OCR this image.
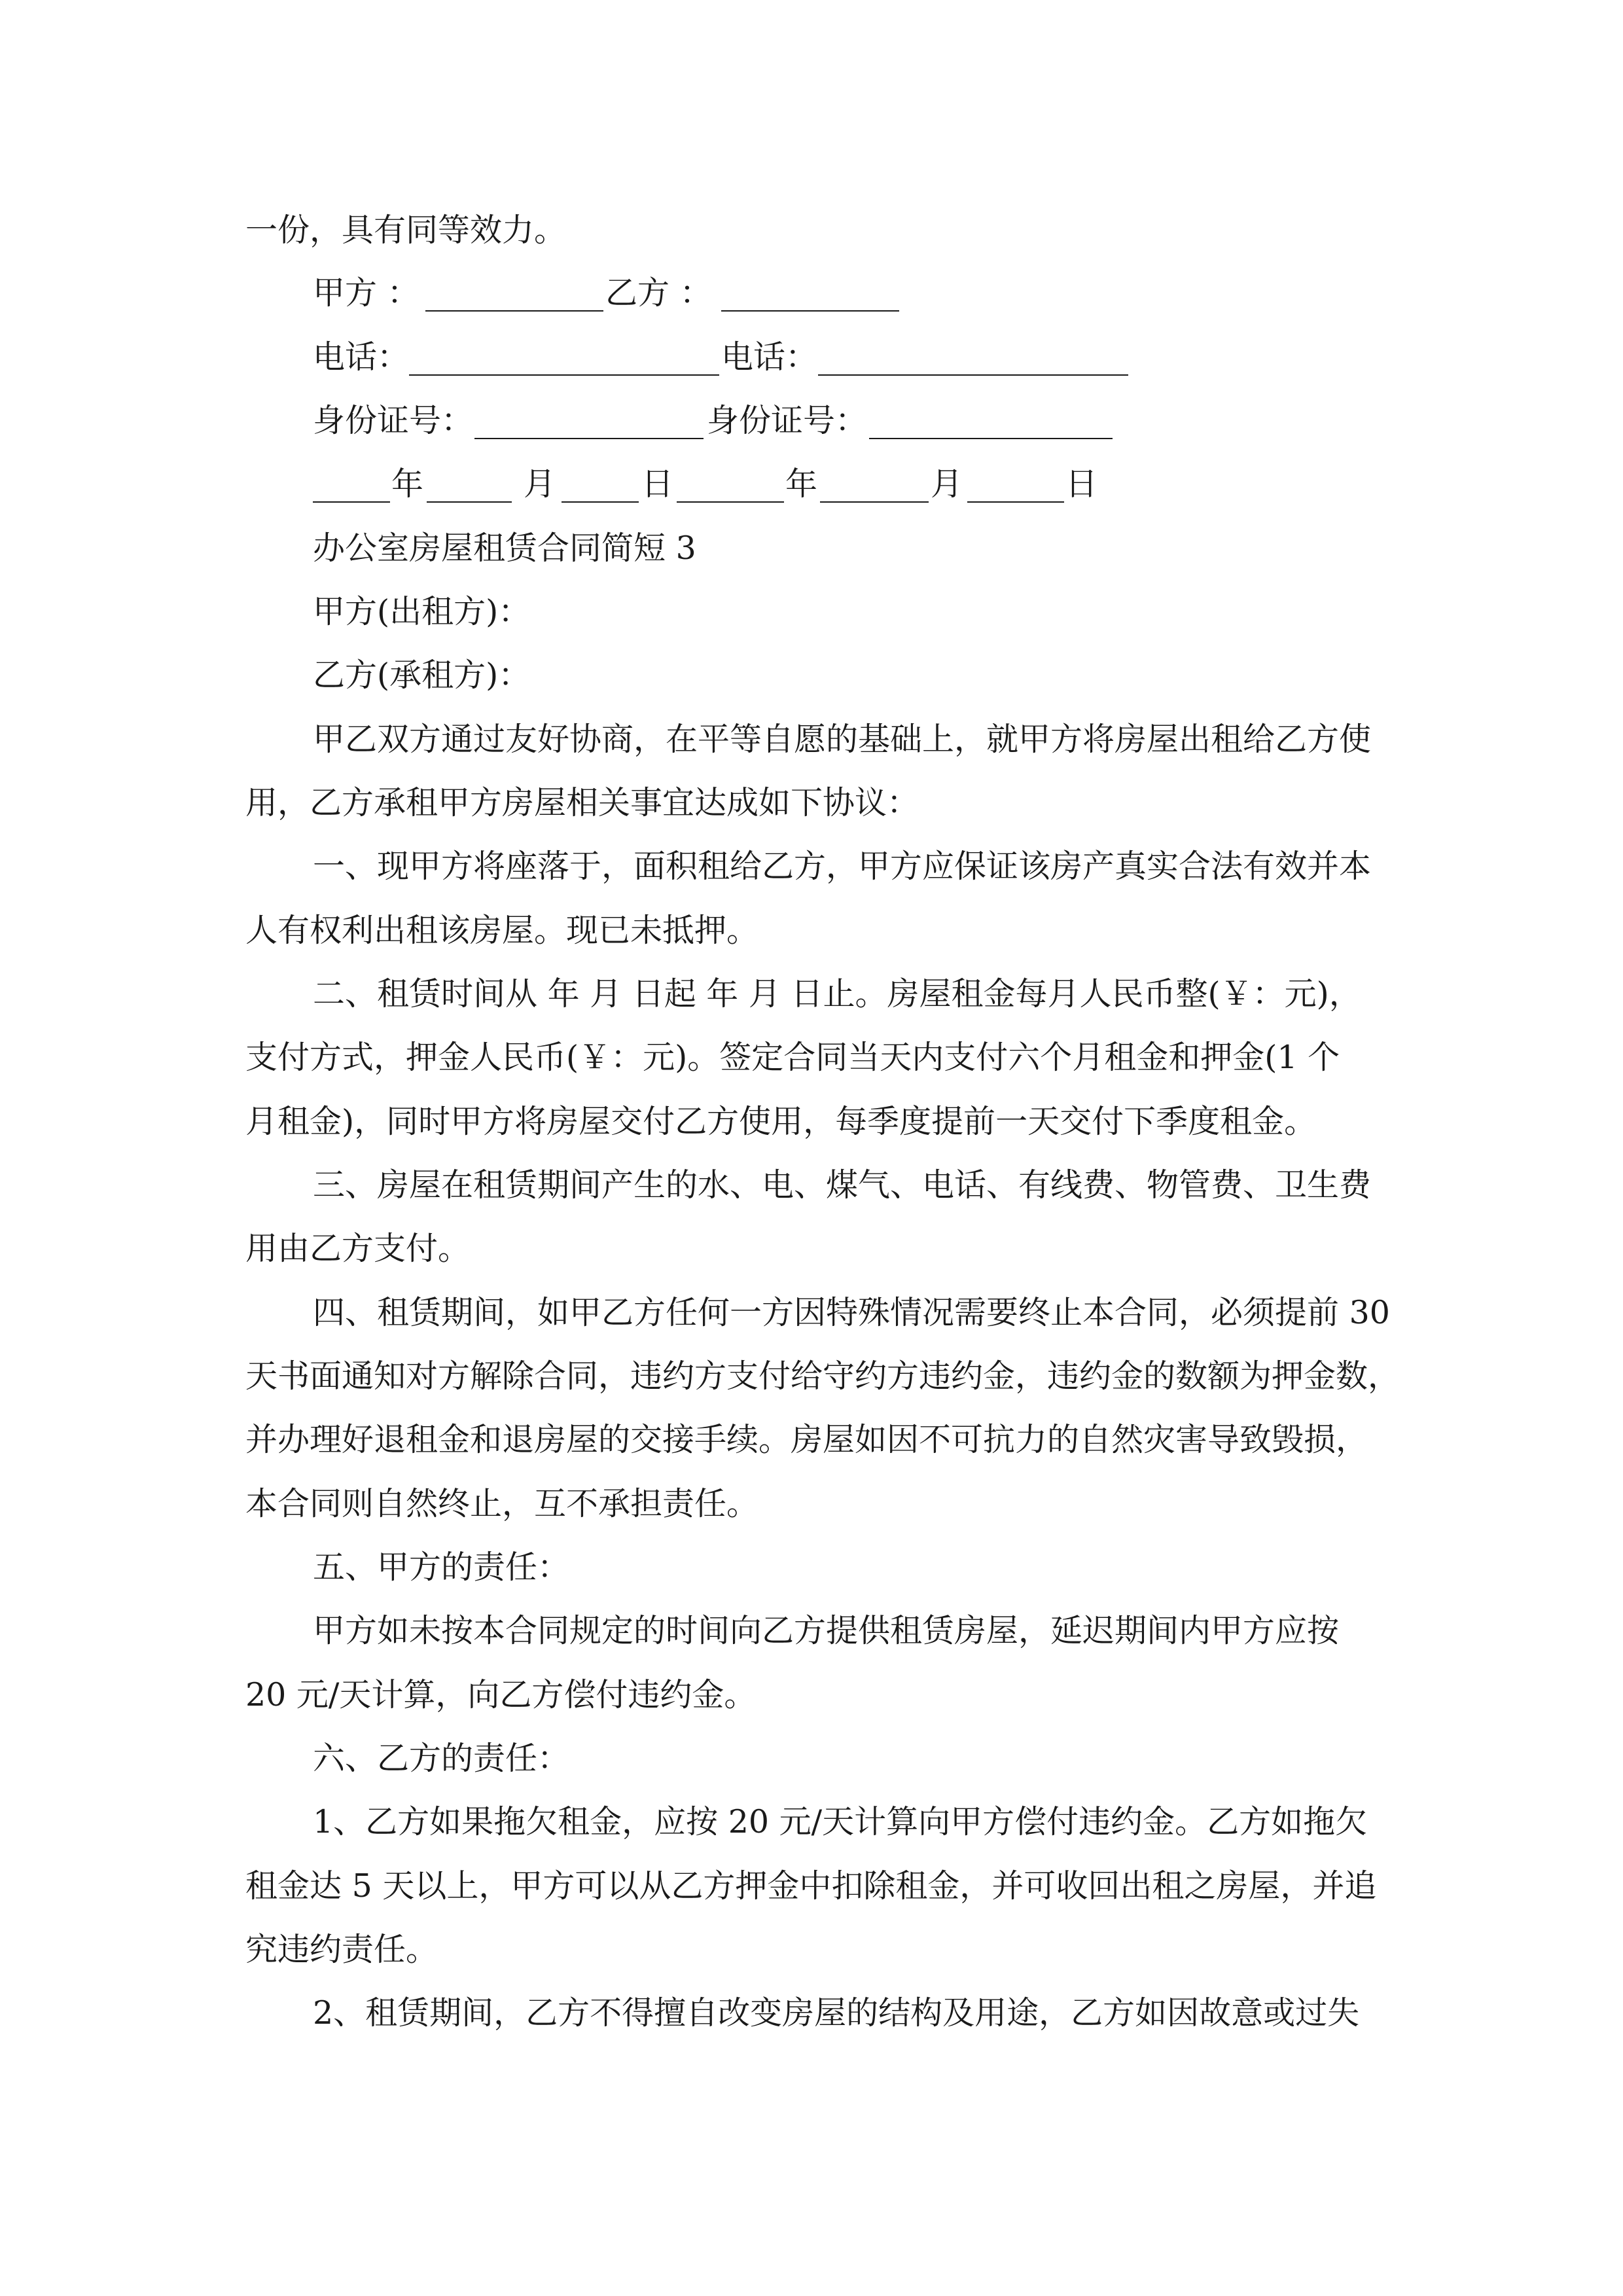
一份，具有同等效力。
甲方 ：	乙方 ：
电话：	电话：
身份证号：	身份证号：
年	月	日	年	月	日
办公室房屋租赁合同简短 3
甲方(出租方)：
乙方(承租方)：
甲乙双方通过友好协商，在平等自愿的基础上，就甲方将房屋出租给乙方使
用，乙方承租甲方房屋相关事宜达成如下协议：
一、现甲方将座落于，面积租给乙方，甲方应保证该房产真实合法有效并本
人有权利出租该房屋。现已未抵押。
二、租赁时间从 年 月 日起 年 月 日止。房屋租金每月人民币整(￥：元)，
支付方式，押金人民币(￥：元)。签定合同当天内支付六个月租金和押金(1 个
月租金)，同时甲方将房屋交付乙方使用，每季度提前一天交付下季度租金。
三、房屋在租赁期间产生的水、电、煤气、电话、有线费、物管费、卫生费
用由乙方支付。
四、租赁期间，如甲乙方任何一方因特殊情况需要终止本合同，必须提前 30
天书面通知对方解除合同，违约方支付给守约方违约金，违约金的数额为押金数，
并办理好退租金和退房屋的交接手续。房屋如因不可抗力的自然灾害导致毁损，
本合同则自然终止，互不承担责任。
五、甲方的责任：
甲方如未按本合同规定的时间向乙方提供租赁房屋，延迟期间内甲方应按
20 元/天计算，向乙方偿付违约金。
六、乙方的责任：
1、乙方如果拖欠租金，应按 20 元/天计算向甲方偿付违约金。乙方如拖欠
租金达 5 天以上，甲方可以从乙方押金中扣除租金，并可收回出租之房屋，并追
究违约责任。
2、租赁期间，乙方不得擅自改变房屋的结构及用途，乙方如因故意或过失
